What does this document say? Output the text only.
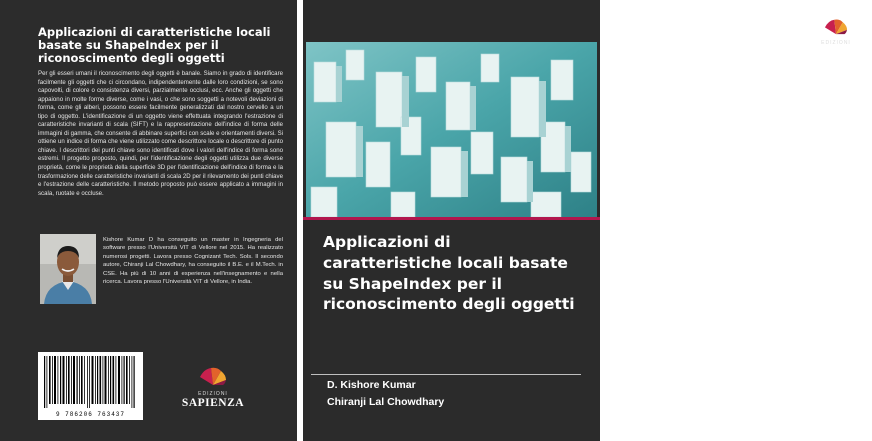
Applicazioni di caratteristiche locali basate su ShapeIndex per il riconoscimento degli oggetti

Per gli esseri umani il riconoscimento degli oggetti è banale. Siamo in grado di identificare facilmente gli oggetti che ci circondano, indipendentemente dalle loro condizioni, se sono capovolti, di colore o consistenza diversi, parzialmente occlusi, ecc. Anche gli oggetti che appaiono in molte forme diverse, come i vasi, o che sono soggetti a notevoli deviazioni di forma, come gli alberi, possono essere facilmente generalizzati dal nostro cervello a un tipo di oggetto. L'identificazione di un oggetto viene effettuata integrando l'estrazione di caratteristiche invarianti di scala (SIFT) e la rappresentazione dell'indice di forma delle immagini di gamma, che consente di abbinare superfici con scale e orientamenti diversi. Si ottiene un indice di forma che viene utilizzato come descrittore locale o descrittore di punto chiave. I descrittori dei punti chiave sono identificati dove i valori dell'indice di forma sono estremi. Il progetto proposto, quindi, per l'identificazione degli oggetti utilizza due diverse proprietà, come le proprietà della superficie 3D per l'identificazione dell'indice di forma e la trasformazione delle caratteristiche invarianti di scala 2D per il rilevamento dei punti chiave e l'estrazione delle caratteristiche. Il metodo proposto può essere applicato a immagini in scala, ruotate e occluse.

Kishore Kumar D ha conseguito un master in Ingegneria del software presso l'Università VIT di Vellore nel 2015. Ha realizzato numerosi progetti. Lavora presso Cognizant Tech. Sols. Il secondo autore, Chiranji Lal Chowdhary, ha conseguito il B.E. e il M.Tech. in CSE. Ha più di 10 anni di esperienza nell'insegnamento e nella ricerca. Lavora presso l'Università VIT di Vellore, in India.

9 786206 763437
EDIZIONI
SAPIENZA
EDIZIONI
SAPIENZA
Applicazioni di caratteristiche locali basate su ShapeIndex per il riconoscimento degli oggetti
D. Kishore Kumar
Chiranji Lal Chowdhary
